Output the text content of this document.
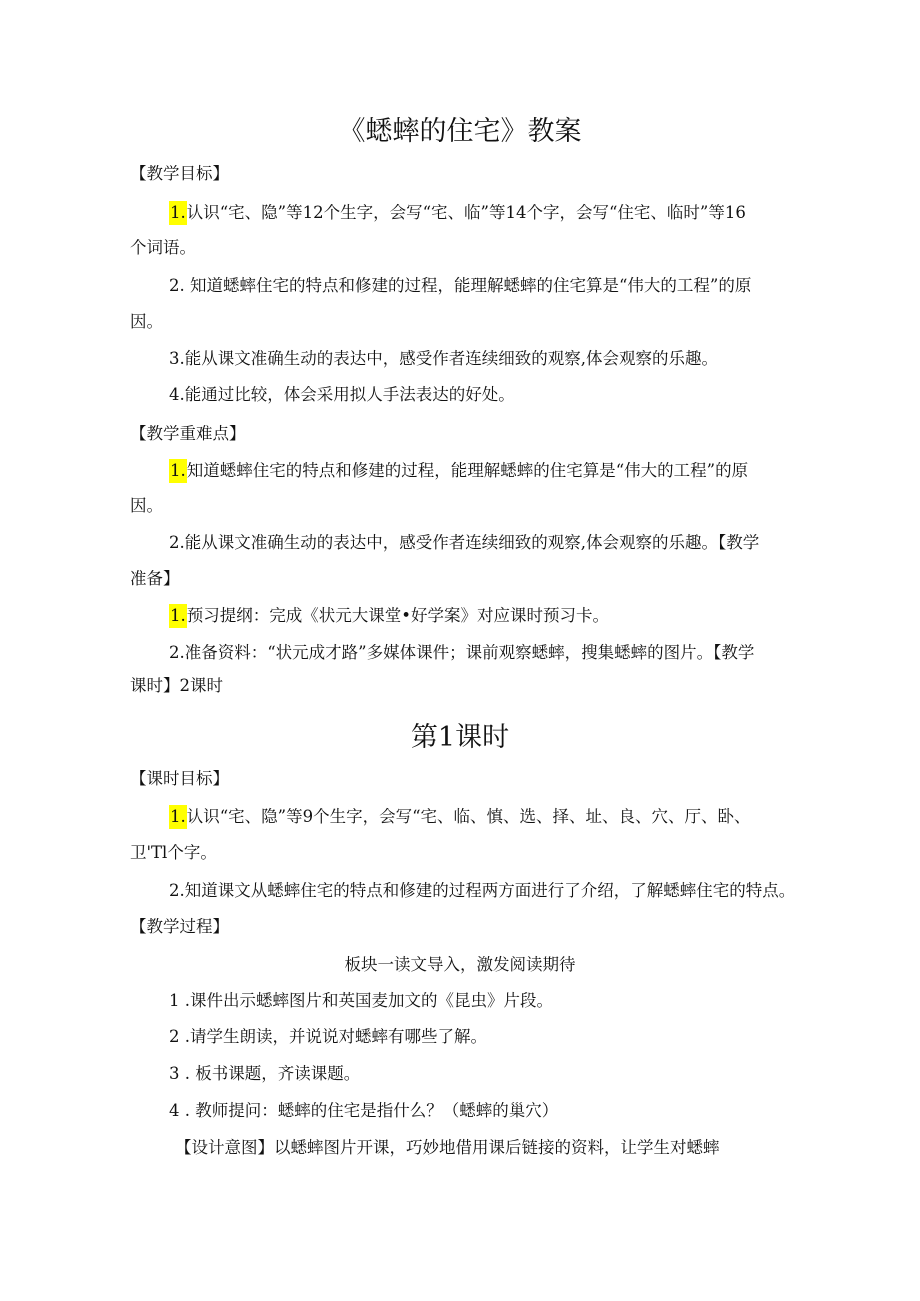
《蟋蟀的住宅》教案
【教学目标】
1.认识“宅、隐”等12个生字，会写“宅、临”等14个字，会写“住宅、临时”等16
个词语。
2. 知道蟋蟀住宅的特点和修建的过程，能理解蟋蟀的住宅算是“伟大的工程”的原
因。
3.能从课文准确生动的表达中，感受作者连续细致的观察,体会观察的乐趣。
4.能通过比较，体会采用拟人手法表达的好处。
【教学重难点】
1.知道蟋蟀住宅的特点和修建的过程，能理解蟋蟀的住宅算是“伟大的工程”的原
因。
2.能从课文准确生动的表达中，感受作者连续细致的观察,体会观察的乐趣。【教学
准备】
1.预习提纲：完成《状元大课堂•好学案》对应课时预习卡。
2.准备资料：“状元成才路”多媒体课件；课前观察蟋蟀，搜集蟋蟀的图片。【教学
课时】2课时
第1课时
【课时目标】
1.认识“宅、隐”等9个生字，会写“宅、临、慎、选、择、址、良、穴、厅、卧、
卫'Tl个字。
2.知道课文从蟋蟀住宅的特点和修建的过程两方面进行了介绍，了解蟋蟀住宅的特点。
【教学过程】
板块一读文导入，激发阅读期待
1 .课件出示蟋蟀图片和英国麦加文的《昆虫》片段。
2 .请学生朗读，并说说对蟋蟀有哪些了解。
3 . 板书课题，齐读课题。
4 . 教师提问：蟋蟀的住宅是指什么？（蟋蟀的巢穴）
【设计意图】以蟋蟀图片开课，巧妙地借用课后链接的资料，让学生对蟋蟀
